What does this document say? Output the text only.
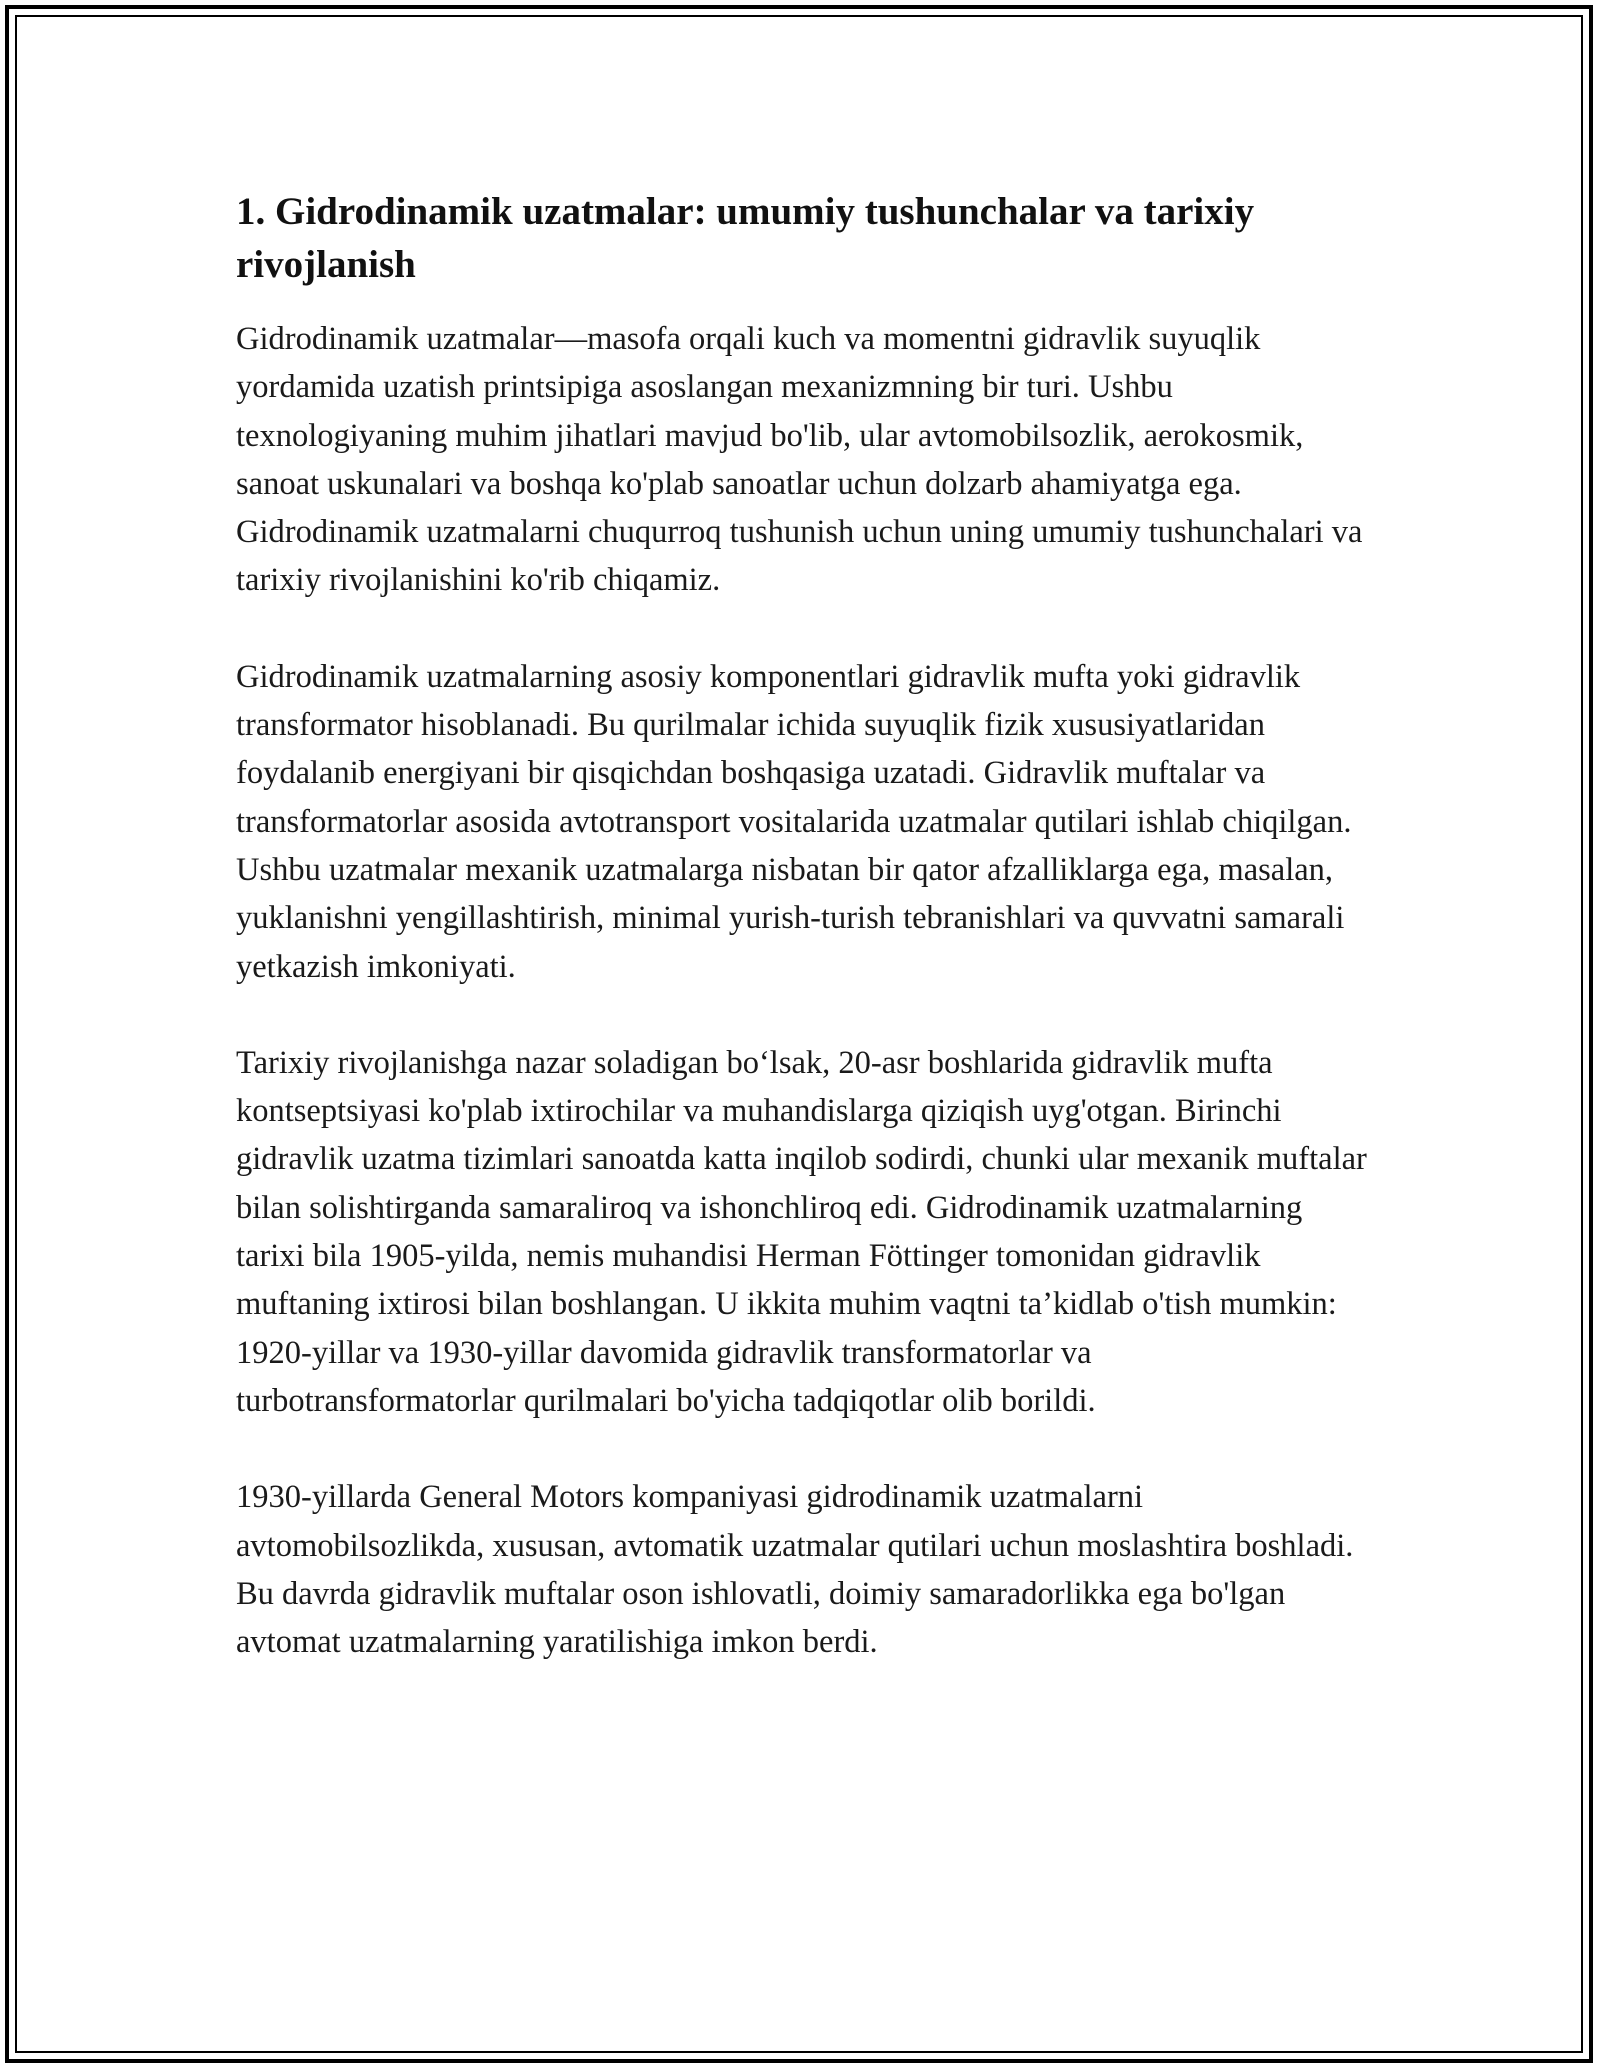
1. Gidrodinamik uzatmalar: umumiy tushunchalar va tarixiy rivojlanish

Gidrodinamik uzatmalar—masofa orqali kuch va momentni gidravlik suyuqlik yordamida uzatish printsipiga asoslangan mexanizmning bir turi. Ushbu texnologiyaning muhim jihatlari mavjud bo'lib, ular avtomobilsozlik, aerokosmik, sanoat uskunalari va boshqa ko'plab sanoatlar uchun dolzarb ahamiyatga ega. Gidrodinamik uzatmalarni chuqurroq tushunish uchun uning umumiy tushunchalari va tarixiy rivojlanishini ko'rib chiqamiz.

Gidrodinamik uzatmalarning asosiy komponentlari gidravlik mufta yoki gidravlik transformator hisoblanadi. Bu qurilmalar ichida suyuqlik fizik xususiyatlaridan foydalanib energiyani bir qisqichdan boshqasiga uzatadi. Gidravlik muftalar va transformatorlar asosida avtotransport vositalarida uzatmalar qutilari ishlab chiqilgan. Ushbu uzatmalar mexanik uzatmalarga nisbatan bir qator afzalliklarga ega, masalan, yuklanishni yengillashtirish, minimal yurish-turish tebranishlari va quvvatni samarali yetkazish imkoniyati.

Tarixiy rivojlanishga nazar soladigan bo‘lsak, 20-asr boshlarida gidravlik mufta kontseptsiyasi ko'plab ixtirochilar va muhandislarga qiziqish uyg'otgan. Birinchi gidravlik uzatma tizimlari sanoatda katta inqilob sodirdi, chunki ular mexanik muftalar bilan solishtirganda samaraliroq va ishonchliroq edi. Gidrodinamik uzatmalarning tarixi bila 1905-yilda, nemis muhandisi Herman Föttinger tomonidan gidravlik muftaning ixtirosi bilan boshlangan. U ikkita muhim vaqtni ta’kidlab o'tish mumkin: 1920-yillar va 1930-yillar davomida gidravlik transformatorlar va turbotransformatorlar qurilmalari bo'yicha tadqiqotlar olib borildi.

1930-yillarda General Motors kompaniyasi gidrodinamik uzatmalarni avtomobilsozlikda, xususan, avtomatik uzatmalar qutilari uchun moslashtira boshladi. Bu davrda gidravlik muftalar oson ishlovatli, doimiy samaradorlikka ega bo'lgan avtomat uzatmalarning yaratilishiga imkon berdi.
